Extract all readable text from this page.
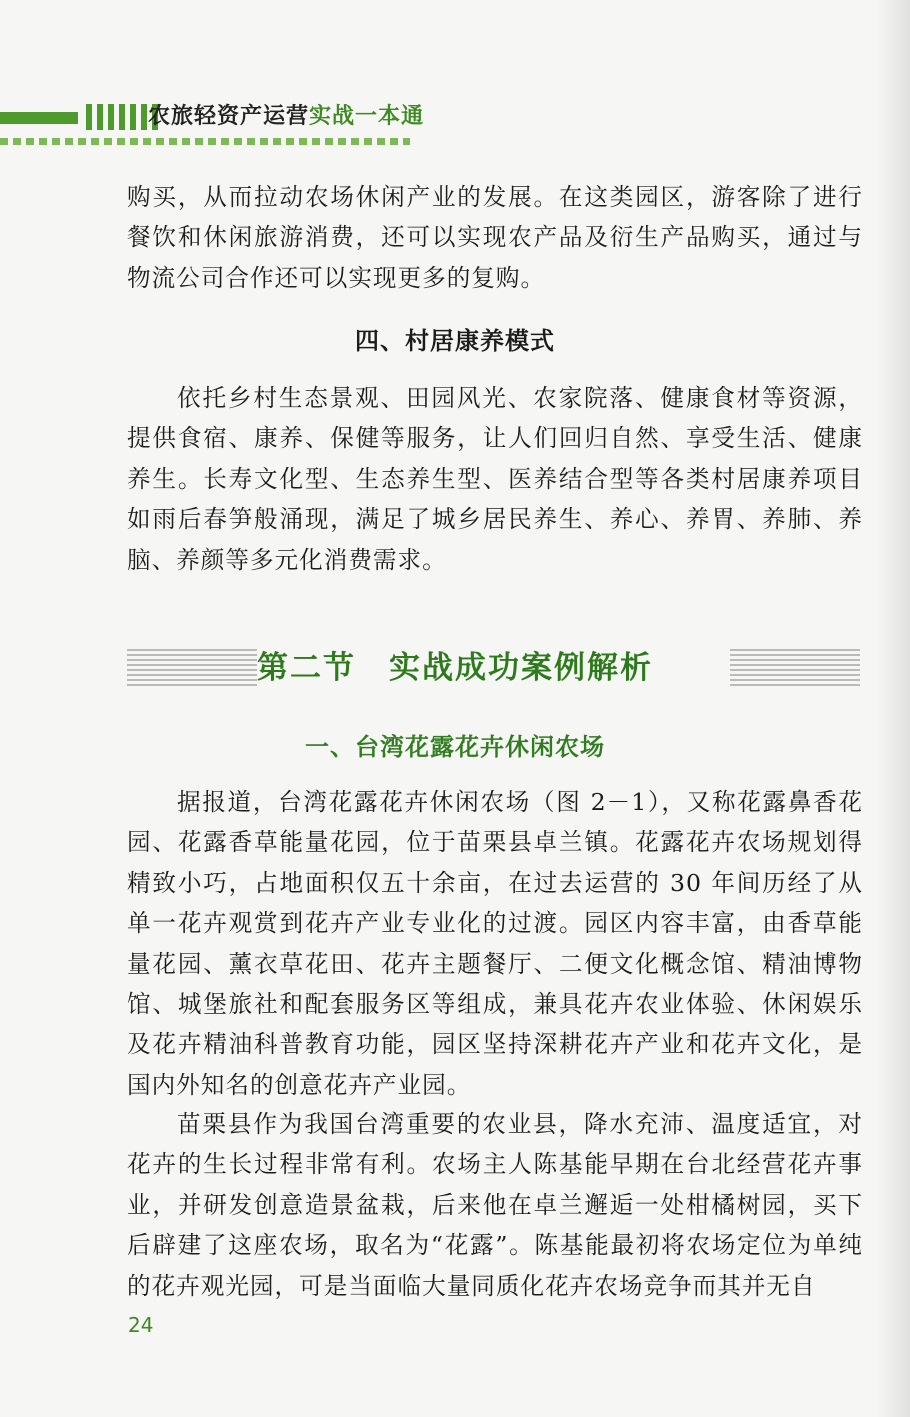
农旅轻资产运营实战一本通

购买，从而拉动农场休闲产业的发展。在这类园区，游客除了进行餐饮和休闲旅游消费，还可以实现农产品及衍生产品购买，通过与物流公司合作还可以实现更多的复购。

四、村居康养模式

依托乡村生态景观、田园风光、农家院落、健康食材等资源，提供食宿、康养、保健等服务，让人们回归自然、享受生活、健康养生。长寿文化型、生态养生型、医养结合型等各类村居康养项目如雨后春笋般涌现，满足了城乡居民养生、养心、养胃、养肺、养脑、养颜等多元化消费需求。

第二节　实战成功案例解析
一、台湾花露花卉休闲农场

据报道，台湾花露花卉休闲农场（图 2－1），又称花露鼻香花园、花露香草能量花园，位于苗栗县卓兰镇。花露花卉农场规划得精致小巧，占地面积仅五十余亩，在过去运营的 30 年间历经了从单一花卉观赏到花卉产业专业化的过渡。园区内容丰富，由香草能量花园、薰衣草花田、花卉主题餐厅、二便文化概念馆、精油博物馆、城堡旅社和配套服务区等组成，兼具花卉农业体验、休闲娱乐及花卉精油科普教育功能，园区坚持深耕花卉产业和花卉文化，是国内外知名的创意花卉产业园。

苗栗县作为我国台湾重要的农业县，降水充沛、温度适宜，对花卉的生长过程非常有利。农场主人陈基能早期在台北经营花卉事业，并研发创意造景盆栽，后来他在卓兰邂逅一处柑橘树园，买下后辟建了这座农场，取名为“花露”。陈基能最初将农场定位为单纯的花卉观光园，可是当面临大量同质化花卉农场竞争而其并无自

24
